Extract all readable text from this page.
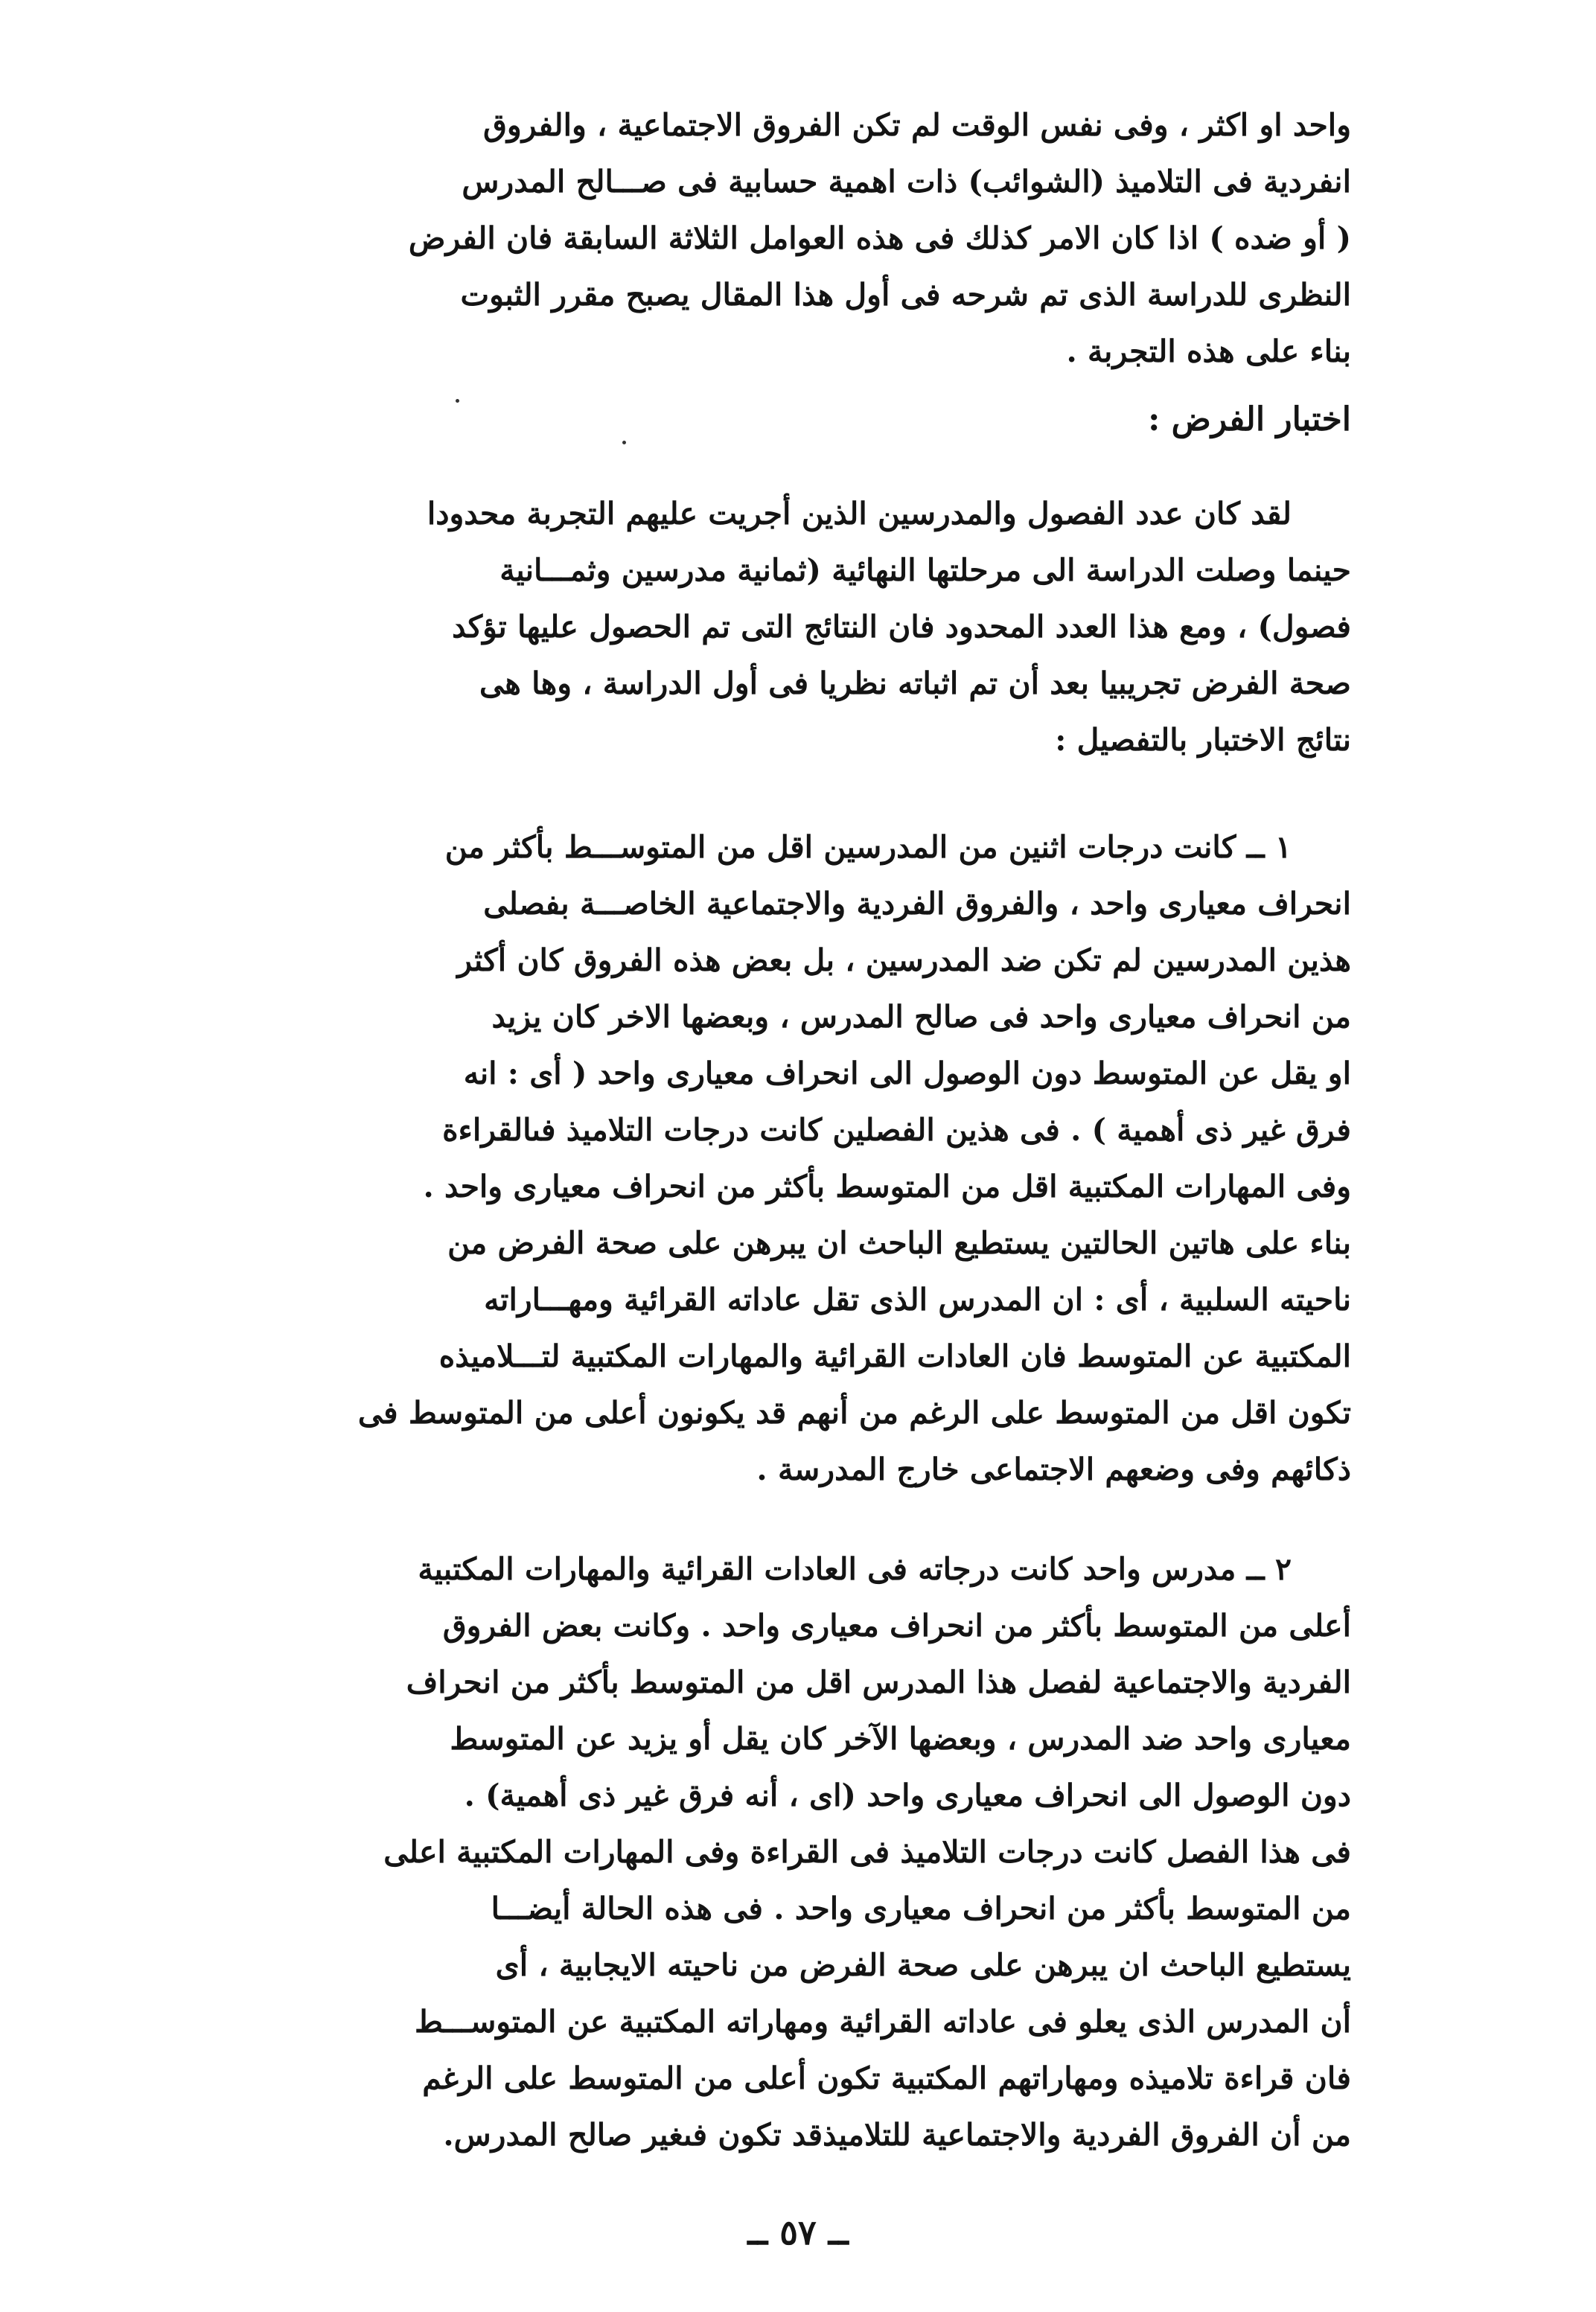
واحد او اكثر ، وفى نفس الوقت لم تكن الفروق الاجتماعية ، والفروق
انفردية فى التلاميذ (الشوائب) ذات اهمية حسابية فى صـــالح المدرس
( أو ضده ) اذا كان الامر كذلك فى هذه العوامل الثلاثة السابقة فان الفرض
النظرى للدراسة الذى تم شرحه فى أول هذا المقال يصبح مقرر الثبوت
بناء على هذه التجربة .
اختبار الفرض :
لقد كان عدد الفصول والمدرسين الذين أجريت عليهم التجربة محدودا
حينما وصلت الدراسة الى مرحلتها النهائية (ثمانية مدرسين وثمـــانية
فصول) ، ومع هذا العدد المحدود فان النتائج التى تم الحصول عليها تؤكد
صحة الفرض تجريبيا بعد أن تم اثباته نظريا فى أول الدراسة ، وها هى
نتائج الاختبار بالتفصيل :
١ ــ كانت درجات اثنين من المدرسين اقل من المتوســـط بأكثر من
انحراف معيارى واحد ، والفروق الفردية والاجتماعية الخاصـــة بفصلى
هذين المدرسين لم تكن ضد المدرسين ، بل بعض هذه الفروق كان أكثر
من انحراف معيارى واحد فى صالح المدرس ، وبعضها الاخر كان يزيد
او يقل عن المتوسط دون الوصول الى انحراف معيارى واحد ( أى : انه
فرق غير ذى أهمية ) . فى هذين الفصلين كانت درجات التلاميذ فىالقراءة
وفى المهارات المكتبية اقل من المتوسط بأكثر من انحراف معيارى واحد .
بناء على هاتين الحالتين يستطيع الباحث ان يبرهن على صحة الفرض من
ناحيته السلبية ، أى : ان المدرس الذى تقل عاداته القرائية ومهـــاراته
المكتبية عن المتوسط فان العادات القرائية والمهارات المكتبية لتـــلاميذه
تكون اقل من المتوسط على الرغم من أنهم قد يكونون أعلى من المتوسط فى
ذكائهم وفى وضعهم الاجتماعى خارج المدرسة .
٢ ــ مدرس واحد كانت درجاته فى العادات القرائية والمهارات المكتبية
أعلى من المتوسط بأكثر من انحراف معيارى واحد . وكانت بعض الفروق
الفردية والاجتماعية لفصل هذا المدرس اقل من المتوسط بأكثر من انحراف
معيارى واحد ضد المدرس ، وبعضها الآخر كان يقل أو يزيد عن المتوسط
دون الوصول الى انحراف معيارى واحد (اى ، أنه فرق غير ذى أهمية) .
فى هذا الفصل كانت درجات التلاميذ فى القراءة وفى المهارات المكتبية اعلى
من المتوسط بأكثر من انحراف معيارى واحد . فى هذه الحالة أيضـــا
يستطيع الباحث ان يبرهن على صحة الفرض من ناحيته الايجابية ، أى
أن المدرس الذى يعلو فى عاداته القرائية ومهاراته المكتبية عن المتوســـط
فان قراءة تلاميذه ومهاراتهم المكتبية تكون أعلى من المتوسط على الرغم
من أن الفروق الفردية والاجتماعية للتلاميذقد تكون فىغير صالح المدرس.
ــ ٥٧ ــ
